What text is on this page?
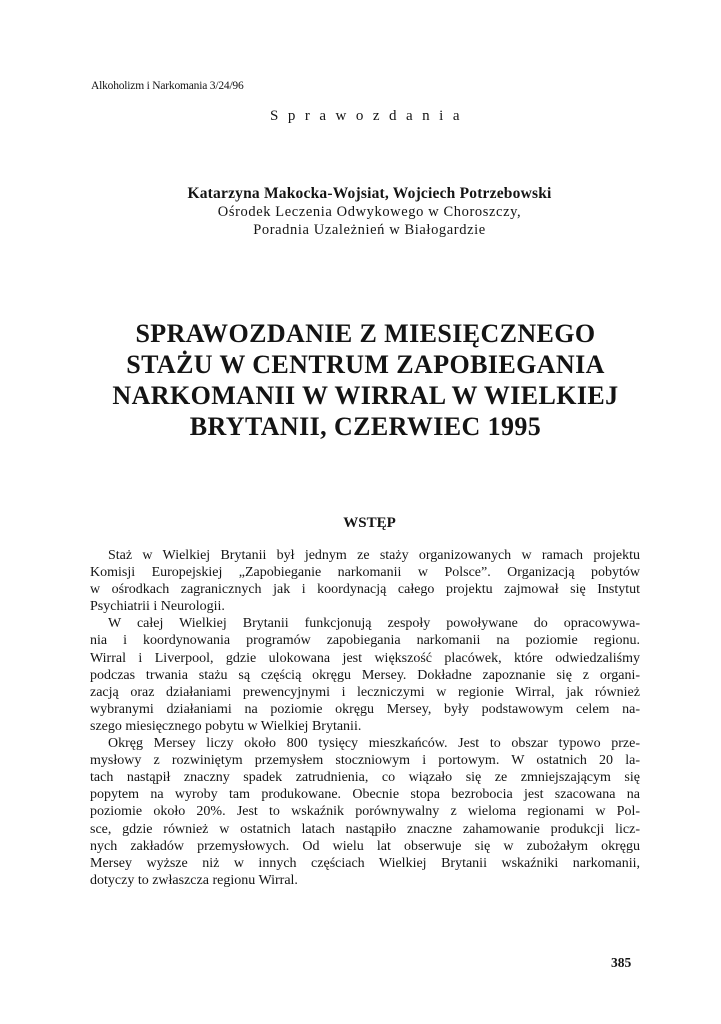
Alkoholizm i Narkomania 3/24/96
Sprawozdania
Katarzyna Makocka-Wojsiat, Wojciech Potrzebowski
Ośrodek Leczenia Odwykowego w Choroszczy,
Poradnia Uzależnień w Białogardzie
SPRAWOZDANIE Z MIESIĘCZNEGO
STAŻU W CENTRUM ZAPOBIEGANIA
NARKOMANII W WIRRAL W WIELKIEJ
BRYTANII, CZERWIEC 1995
WSTĘP
Staż w Wielkiej Brytanii był jednym ze staży organizowanych w ramach projektu
Komisji Europejskiej „Zapobieganie narkomanii w Polsce”. Organizacją pobytów
w ośrodkach zagranicznych jak i koordynacją całego projektu zajmował się Instytut
Psychiatrii i Neurologii.
W całej Wielkiej Brytanii funkcjonują zespoły powoływane do opracowywa-
nia i koordynowania programów zapobiegania narkomanii na poziomie regionu.
Wirral i Liverpool, gdzie ulokowana jest większość placówek, które odwiedzaliśmy
podczas trwania stażu są częścią okręgu Mersey. Dokładne zapoznanie się z organi-
zacją oraz działaniami prewencyjnymi i leczniczymi w regionie Wirral, jak również
wybranymi działaniami na poziomie okręgu Mersey, były podstawowym celem na-
szego miesięcznego pobytu w Wielkiej Brytanii.
Okręg Mersey liczy około 800 tysięcy mieszkańców. Jest to obszar typowo prze-
mysłowy z rozwiniętym przemysłem stoczniowym i portowym. W ostatnich 20 la-
tach nastąpił znaczny spadek zatrudnienia, co wiązało się ze zmniejszającym się
popytem na wyroby tam produkowane. Obecnie stopa bezrobocia jest szacowana na
poziomie około 20%. Jest to wskaźnik porównywalny z wieloma regionami w Pol-
sce, gdzie również w ostatnich latach nastąpiło znaczne zahamowanie produkcji licz-
nych zakładów przemysłowych. Od wielu lat obserwuje się w zubożałym okręgu
Mersey wyższe niż w innych częściach Wielkiej Brytanii wskaźniki narkomanii,
dotyczy to zwłaszcza regionu Wirral.
385
